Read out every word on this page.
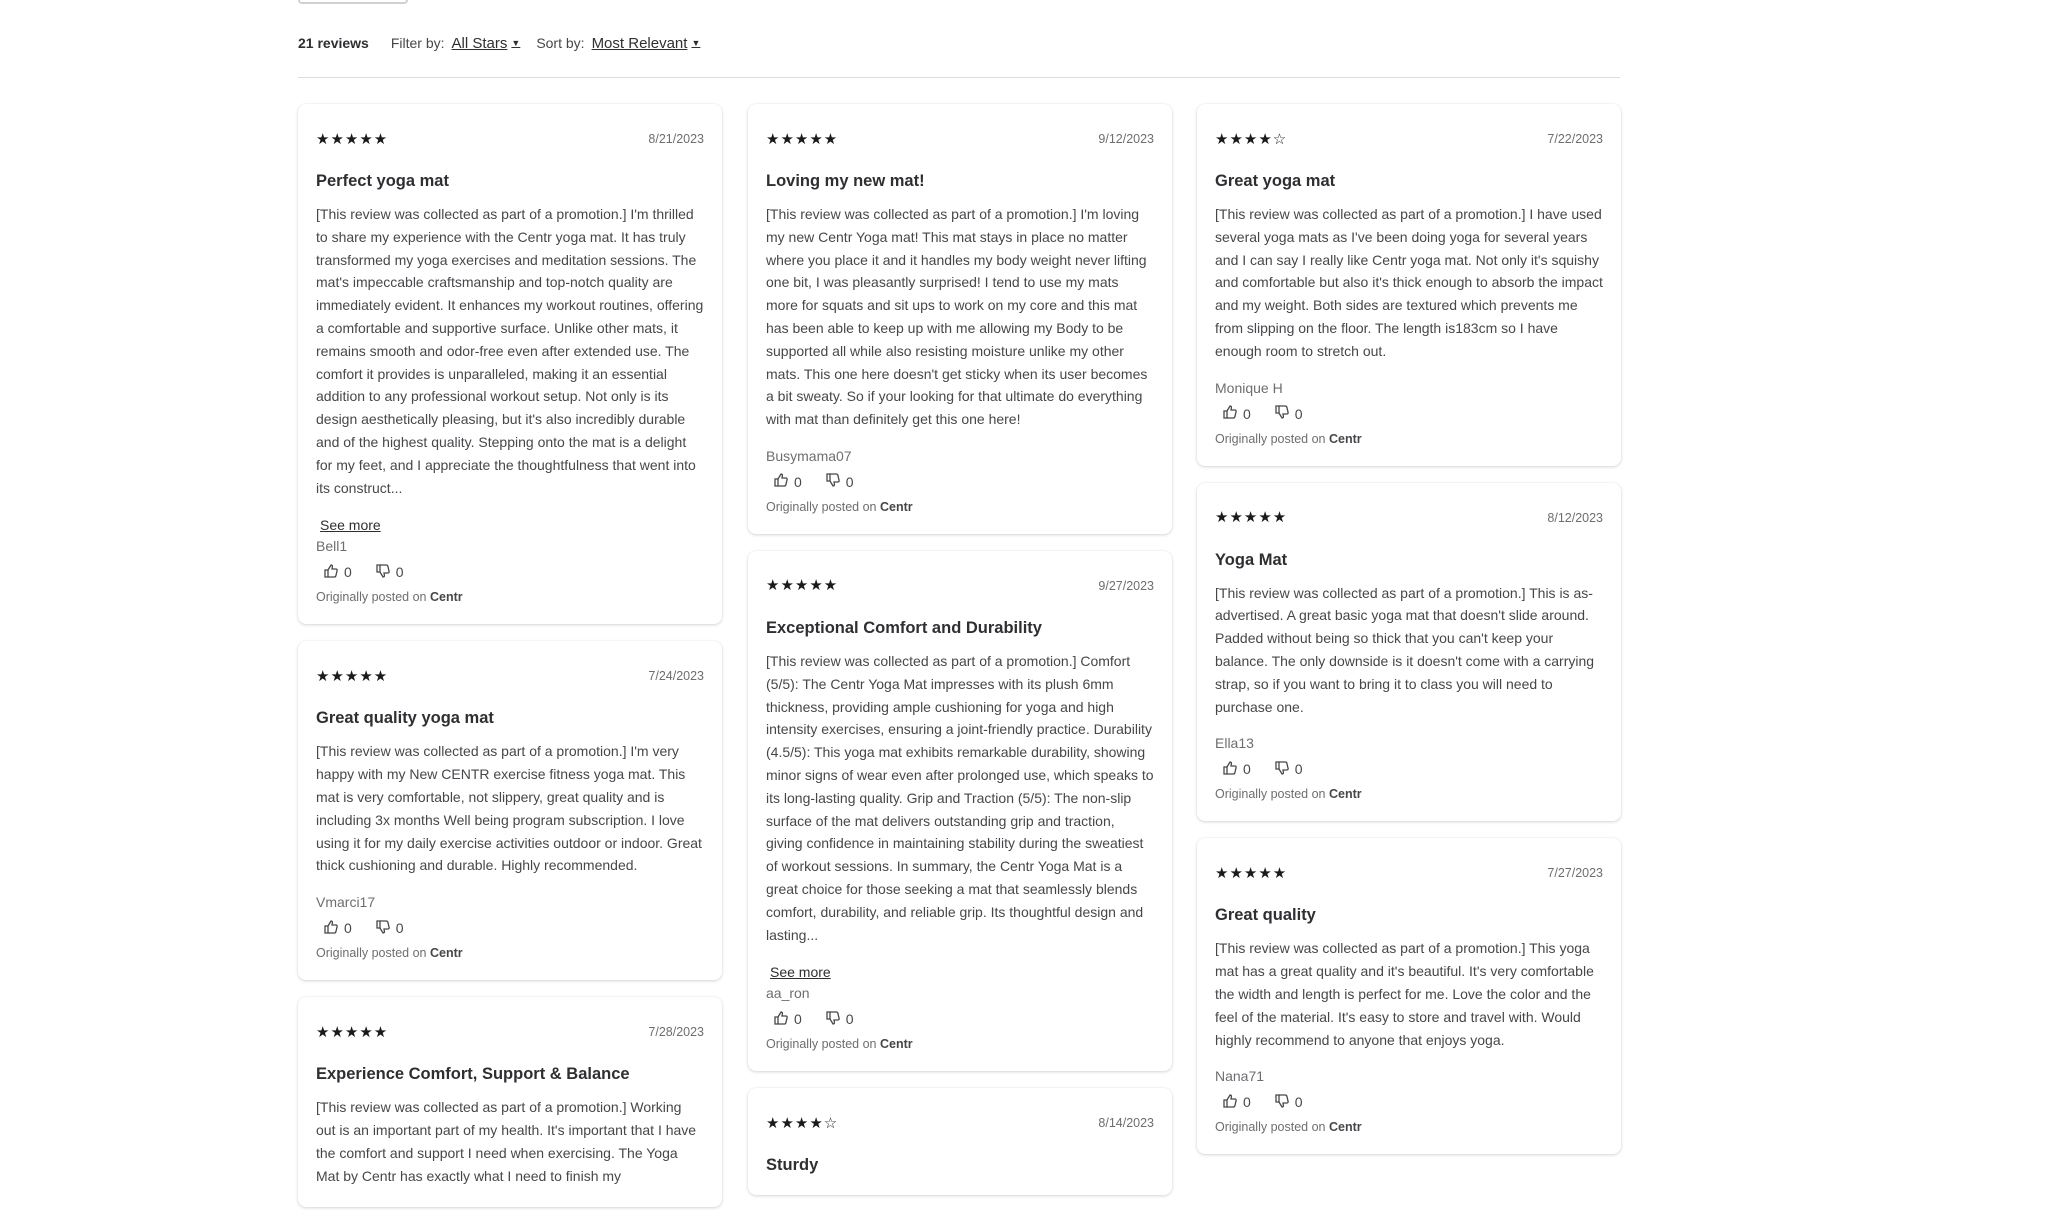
21 reviews Filter by: All Stars ▼ Sort by: Most Relevant ▼
★★★★★	8/21/2023
Perfect yoga mat
[This review was collected as part of a promotion.] I'm thrilled to share my experience with the Centr yoga mat. It has truly transformed my yoga exercises and meditation sessions. The mat's impeccable craftsmanship and top-notch quality are immediately evident. It enhances my workout routines, offering a comfortable and supportive surface. Unlike other mats, it remains smooth and odor-free even after extended use. The comfort it provides is unparalleled, making it an essential addition to any professional workout setup. Not only is its design aesthetically pleasing, but it's also incredibly durable and of the highest quality. Stepping onto the mat is a delight for my feet, and I appreciate the thoughtfulness that went into its construct...
See more
Bell1
0	0
Originally posted on Centr
★★★★★	7/24/2023
Great quality yoga mat
[This review was collected as part of a promotion.] I'm very happy with my New CENTR exercise fitness yoga mat. This mat is very comfortable, not slippery, great quality and is including 3x months Well being program subscription. I love using it for my daily exercise activities outdoor or indoor. Great thick cushioning and durable. Highly recommended.
Vmarci17
0	0
Originally posted on Centr
★★★★★	7/28/2023
Experience Comfort, Support & Balance
[This review was collected as part of a promotion.] Working out is an important part of my health. It's important that I have the comfort and support I need when exercising. The Yoga Mat by Centr has exactly what I need to finish my
★★★★★	9/12/2023
Loving my new mat!
[This review was collected as part of a promotion.] I'm loving my new Centr Yoga mat! This mat stays in place no matter where you place it and it handles my body weight never lifting one bit, I was pleasantly surprised! I tend to use my mats more for squats and sit ups to work on my core and this mat has been able to keep up with me allowing my Body to be supported all while also resisting moisture unlike my other mats. This one here doesn't get sticky when its user becomes a bit sweaty. So if your looking for that ultimate do everything with mat than definitely get this one here!
Busymama07
0	0
Originally posted on Centr
★★★★★	9/27/2023
Exceptional Comfort and Durability
[This review was collected as part of a promotion.] Comfort (5/5): The Centr Yoga Mat impresses with its plush 6mm thickness, providing ample cushioning for yoga and high intensity exercises, ensuring a joint-friendly practice. Durability (4.5/5): This yoga mat exhibits remarkable durability, showing minor signs of wear even after prolonged use, which speaks to its long-lasting quality. Grip and Traction (5/5): The non-slip surface of the mat delivers outstanding grip and traction, giving confidence in maintaining stability during the sweatiest of workout sessions. In summary, the Centr Yoga Mat is a great choice for those seeking a mat that seamlessly blends comfort, durability, and reliable grip. Its thoughtful design and lasting...
See more
aa_ron
0	0
Originally posted on Centr
★★★★☆	8/14/2023
Sturdy
★★★★☆	7/22/2023
Great yoga mat
[This review was collected as part of a promotion.] I have used several yoga mats as I've been doing yoga for several years and I can say I really like Centr yoga mat. Not only it's squishy and comfortable but also it's thick enough to absorb the impact and my weight. Both sides are textured which prevents me from slipping on the floor. The length is183cm so I have enough room to stretch out.
Monique H
0	0
Originally posted on Centr
★★★★★	8/12/2023
Yoga Mat
[This review was collected as part of a promotion.] This is as-advertised. A great basic yoga mat that doesn't slide around. Padded without being so thick that you can't keep your balance. The only downside is it doesn't come with a carrying strap, so if you want to bring it to class you will need to purchase one.
Ella13
0	0
Originally posted on Centr
★★★★★	7/27/2023
Great quality
[This review was collected as part of a promotion.] This yoga mat has a great quality and it's beautiful. It's very comfortable the width and length is perfect for me. Love the color and the feel of the material. It's easy to store and travel with. Would highly recommend to anyone that enjoys yoga.
Nana71
0	0
Originally posted on Centr
